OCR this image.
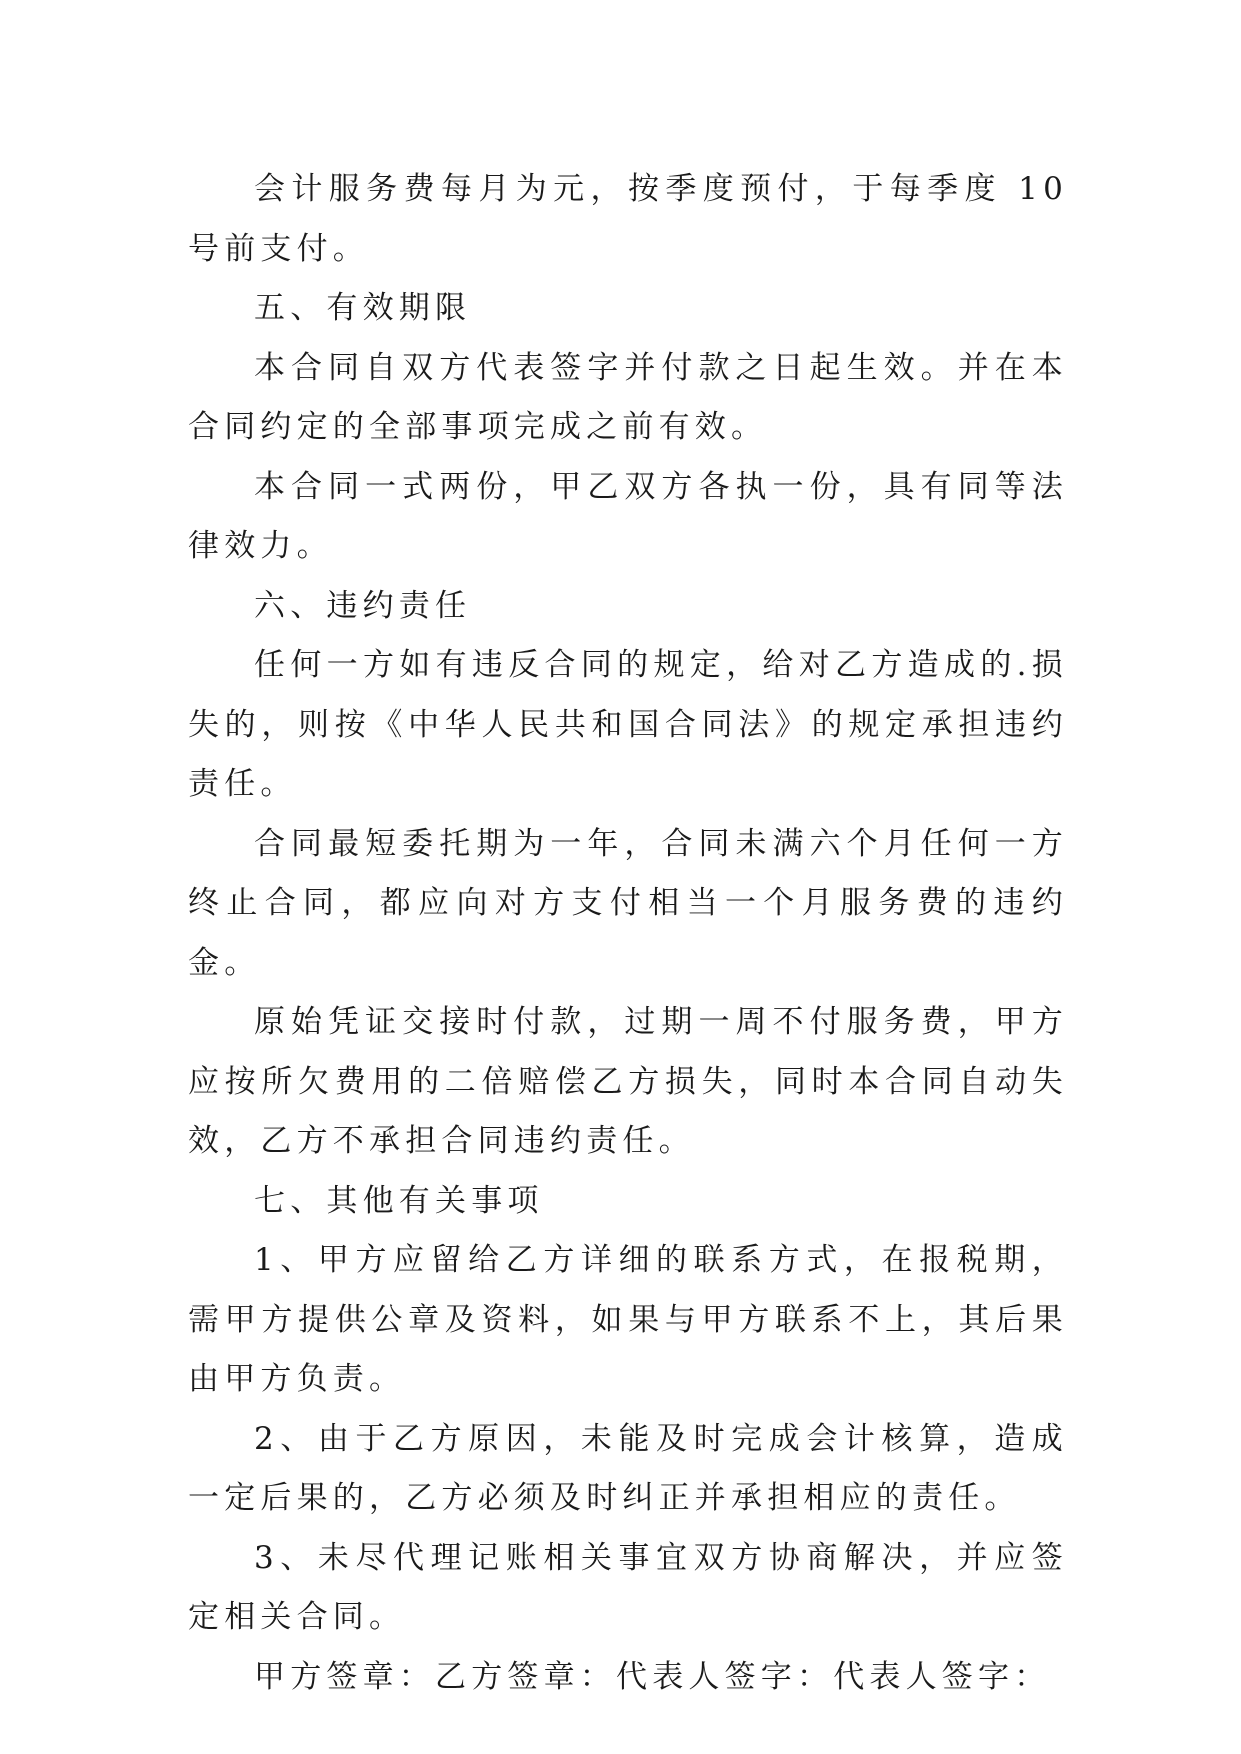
会计服务费每月为元，按季度预付，于每季度 10 号前支付。

五、有效期限

本合同自双方代表签字并付款之日起生效。并在本合同约定的全部事项完成之前有效。

本合同一式两份，甲乙双方各执一份，具有同等法律效力。

六、违约责任

任何一方如有违反合同的规定，给对乙方造成的.损失的，则按《中华人民共和国合同法》的规定承担违约责任。

合同最短委托期为一年，合同未满六个月任何一方终止合同，都应向对方支付相当一个月服务费的违约金。

原始凭证交接时付款，过期一周不付服务费，甲方应按所欠费用的二倍赔偿乙方损失，同时本合同自动失效，乙方不承担合同违约责任。

七、其他有关事项

1、甲方应留给乙方详细的联系方式，在报税期，需甲方提供公章及资料，如果与甲方联系不上，其后果由甲方负责。

2、由于乙方原因，未能及时完成会计核算，造成一定后果的，乙方必须及时纠正并承担相应的责任。

3、未尽代理记账相关事宜双方协商解决，并应签定相关合同。

甲方签章：乙方签章：代表人签字：代表人签字：
